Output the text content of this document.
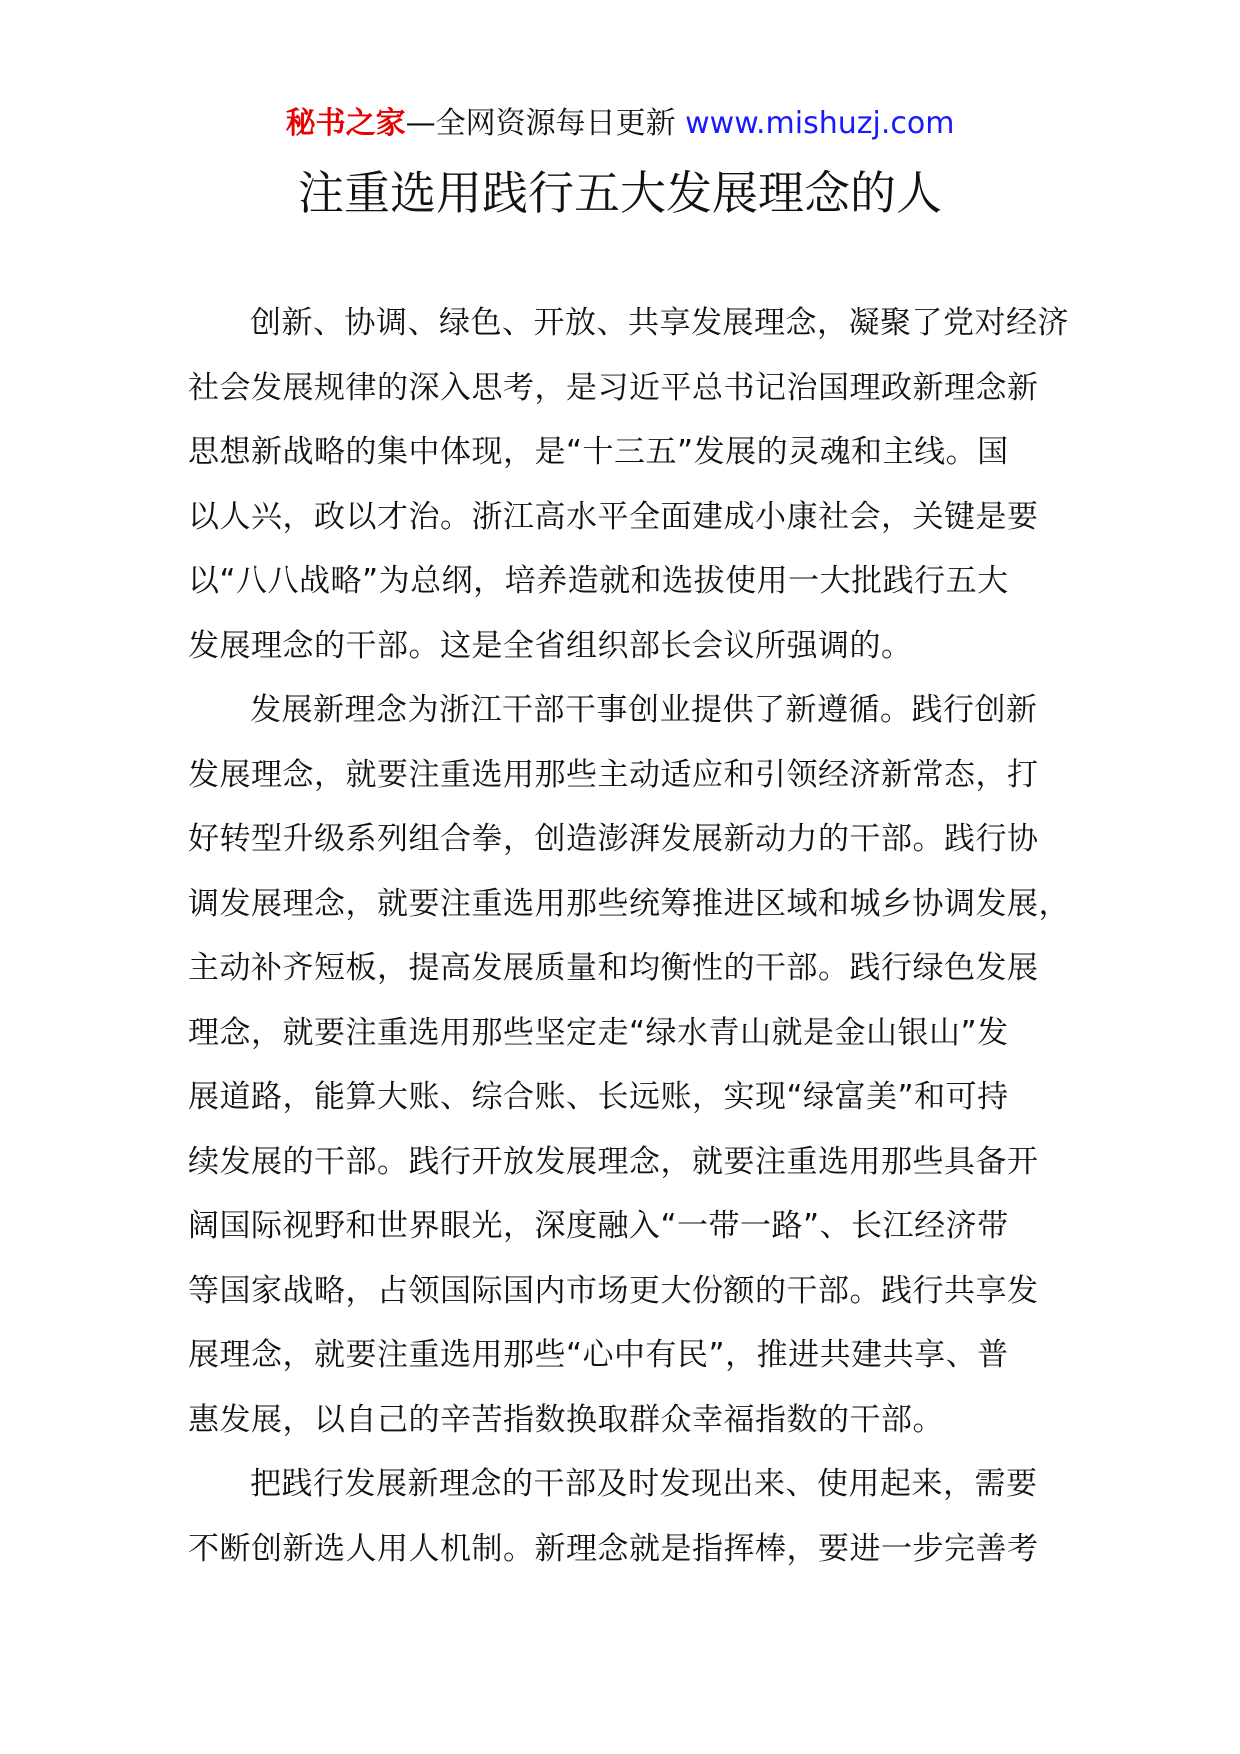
秘书之家—全网资源每日更新 www.mishuzj.com
注重选用践行五大发展理念的人

创新、协调、绿色、开放、共享发展理念，凝聚了党对经济
社会发展规律的深入思考，是习近平总书记治国理政新理念新
思想新战略的集中体现，是“十三五”发展的灵魂和主线。国
以人兴，政以才治。浙江高水平全面建成小康社会，关键是要
以“八八战略”为总纲，培养造就和选拔使用一大批践行五大
发展理念的干部。这是全省组织部长会议所强调的。

发展新理念为浙江干部干事创业提供了新遵循。践行创新
发展理念，就要注重选用那些主动适应和引领经济新常态，打
好转型升级系列组合拳，创造澎湃发展新动力的干部。践行协
调发展理念，就要注重选用那些统筹推进区域和城乡协调发展，
主动补齐短板，提高发展质量和均衡性的干部。践行绿色发展
理念，就要注重选用那些坚定走“绿水青山就是金山银山”发
展道路，能算大账、综合账、长远账，实现“绿富美”和可持
续发展的干部。践行开放发展理念，就要注重选用那些具备开
阔国际视野和世界眼光，深度融入“一带一路”、长江经济带
等国家战略，占领国际国内市场更大份额的干部。践行共享发
展理念，就要注重选用那些“心中有民”，推进共建共享、普
惠发展，以自己的辛苦指数换取群众幸福指数的干部。

把践行发展新理念的干部及时发现出来、使用起来，需要
不断创新选人用人机制。新理念就是指挥棒，要进一步完善考
